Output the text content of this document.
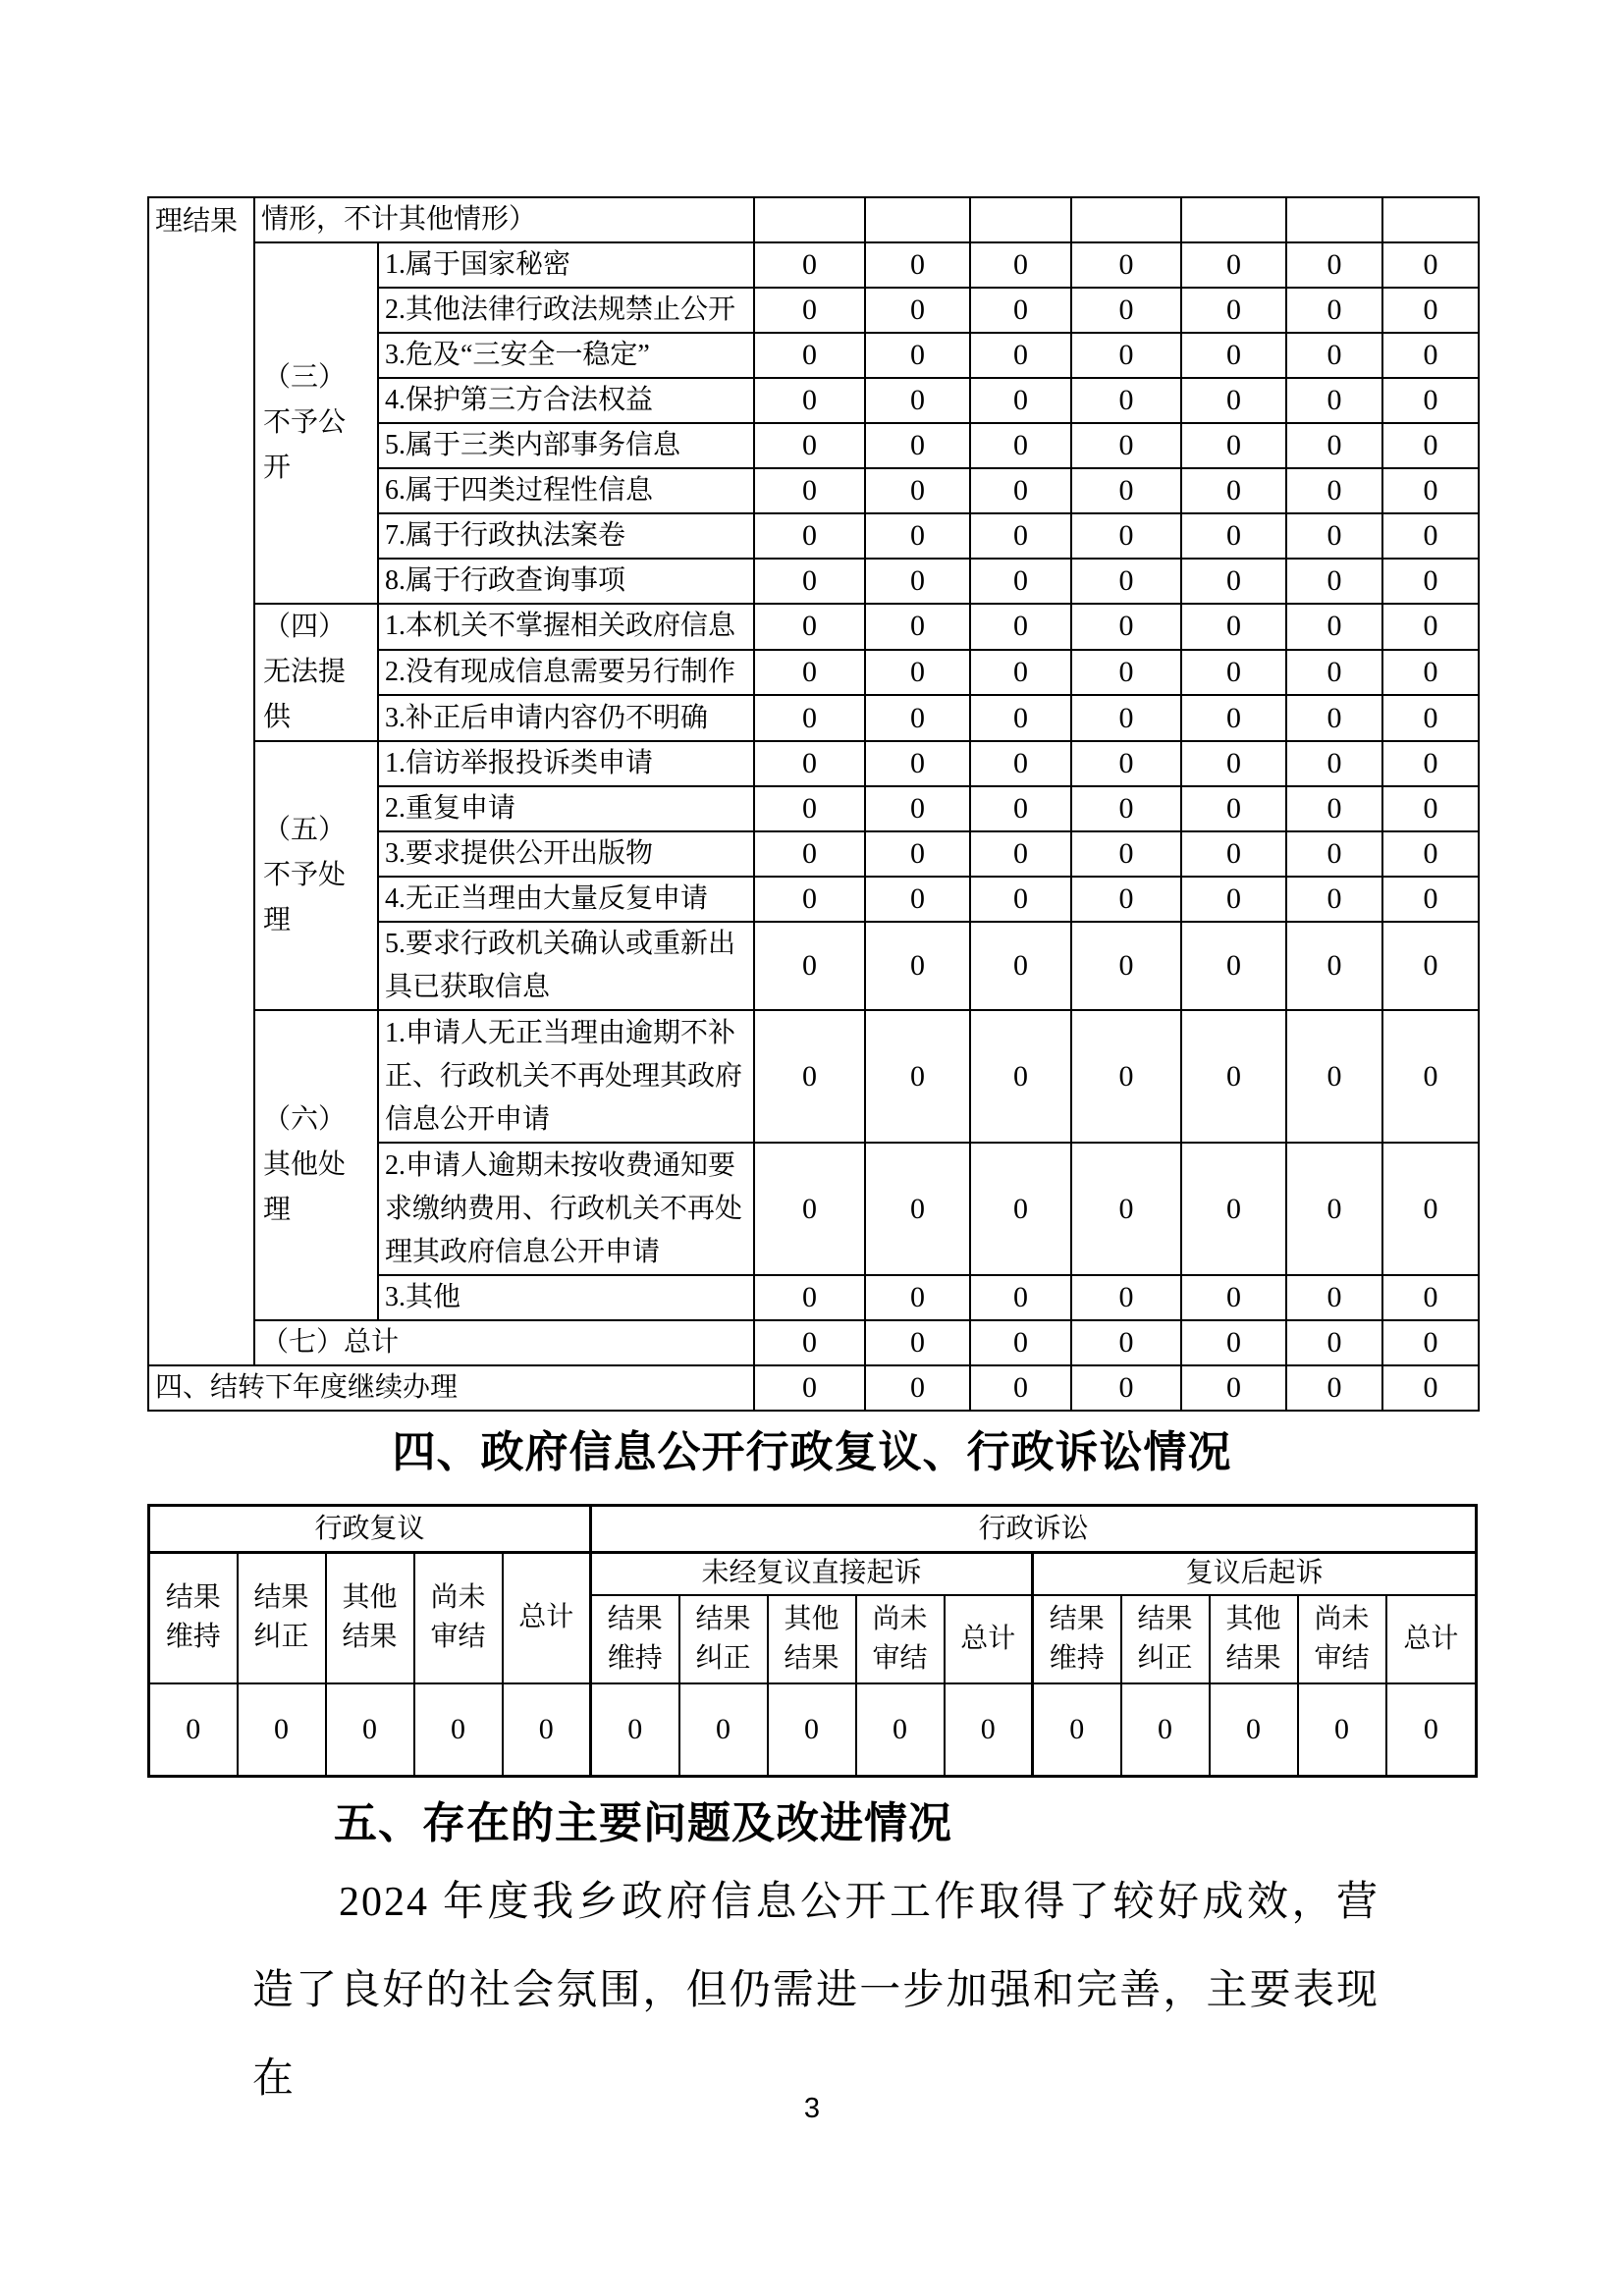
理结果	情形，不计其他情形）								
	（三）不予公开	1.属于国家秘密	0	0	0	0	0	0	0
		2.其他法律行政法规禁止公开	0	0	0	0	0	0	0
		3.危及“三安全一稳定”	0	0	0	0	0	0	0
		4.保护第三方合法权益	0	0	0	0	0	0	0
		5.属于三类内部事务信息	0	0	0	0	0	0	0
		6.属于四类过程性信息	0	0	0	0	0	0	0
		7.属于行政执法案卷	0	0	0	0	0	0	0
		8.属于行政查询事项	0	0	0	0	0	0	0
	（四）无法提供	1.本机关不掌握相关政府信息	0	0	0	0	0	0	0
		2.没有现成信息需要另行制作	0	0	0	0	0	0	0
		3.补正后申请内容仍不明确	0	0	0	0	0	0	0
	（五）不予处理	1.信访举报投诉类申请	0	0	0	0	0	0	0
		2.重复申请	0	0	0	0	0	0	0
		3.要求提供公开出版物	0	0	0	0	0	0	0
		4.无正当理由大量反复申请	0	0	0	0	0	0	0
		5.要求行政机关确认或重新出具已获取信息	0	0	0	0	0	0	0
	（六）其他处理	1.申请人无正当理由逾期不补正、行政机关不再处理其政府信息公开申请	0	0	0	0	0	0	0
		2.申请人逾期未按收费通知要求缴纳费用、行政机关不再处理其政府信息公开申请	0	0	0	0	0	0	0
		3.其他	0	0	0	0	0	0	0
	（七）总计		0	0	0	0	0	0	0
四、结转下年度继续办理			0	0	0	0	0	0	0
四、政府信息公开行政复议、行政诉讼情况
行政复议					行政诉讼									
结果维持	结果纠正	其他结果	尚未审结	总计	未经复议直接起诉					复议后起诉				
					结果维持	结果纠正	其他结果	尚未审结	总计	结果维持	结果纠正	其他结果	尚未审结	总计
0	0	0	0	0	0	0	0	0	0	0	0	0	0	0
五、存在的主要问题及改进情况
2024 年度我乡政府信息公开工作取得了较好成效，营造了良好的社会氛围，但仍需进一步加强和完善，主要表现在
3
